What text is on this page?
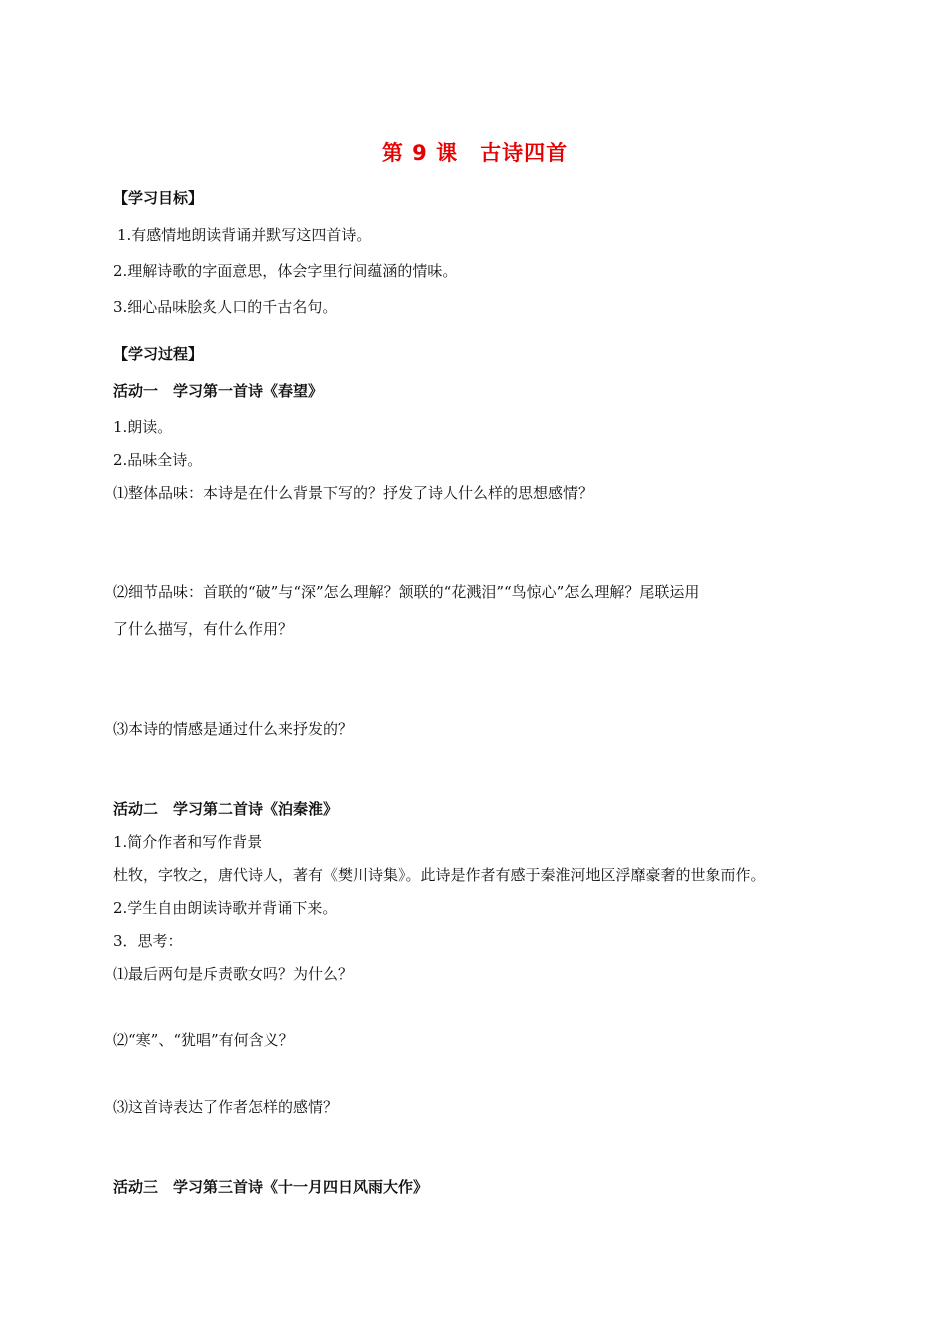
第 9 课　古诗四首
【学习目标】
1.有感情地朗读背诵并默写这四首诗。
2.理解诗歌的字面意思，体会字里行间蕴涵的情味。
3.细心品味脍炙人口的千古名句。
【学习过程】
活动一　学习第一首诗《春望》
1.朗读。
2.品味全诗。
⑴整体品味：本诗是在什么背景下写的？抒发了诗人什么样的思想感情？
⑵细节品味：首联的“破”与“深”怎么理解？颔联的“花溅泪”“鸟惊心”怎么理解？尾联运用
了什么描写，有什么作用？
⑶本诗的情感是通过什么来抒发的？
活动二　学习第二首诗《泊秦淮》
1.简介作者和写作背景
杜牧，字牧之，唐代诗人，著有《樊川诗集》。此诗是作者有感于秦淮河地区浮靡豪奢的世象而作。
2.学生自由朗读诗歌并背诵下来。
3．思考：
⑴最后两句是斥责歌女吗？为什么？
⑵“寒”、“犹唱”有何含义？
⑶这首诗表达了作者怎样的感情？
活动三　学习第三首诗《十一月四日风雨大作》
